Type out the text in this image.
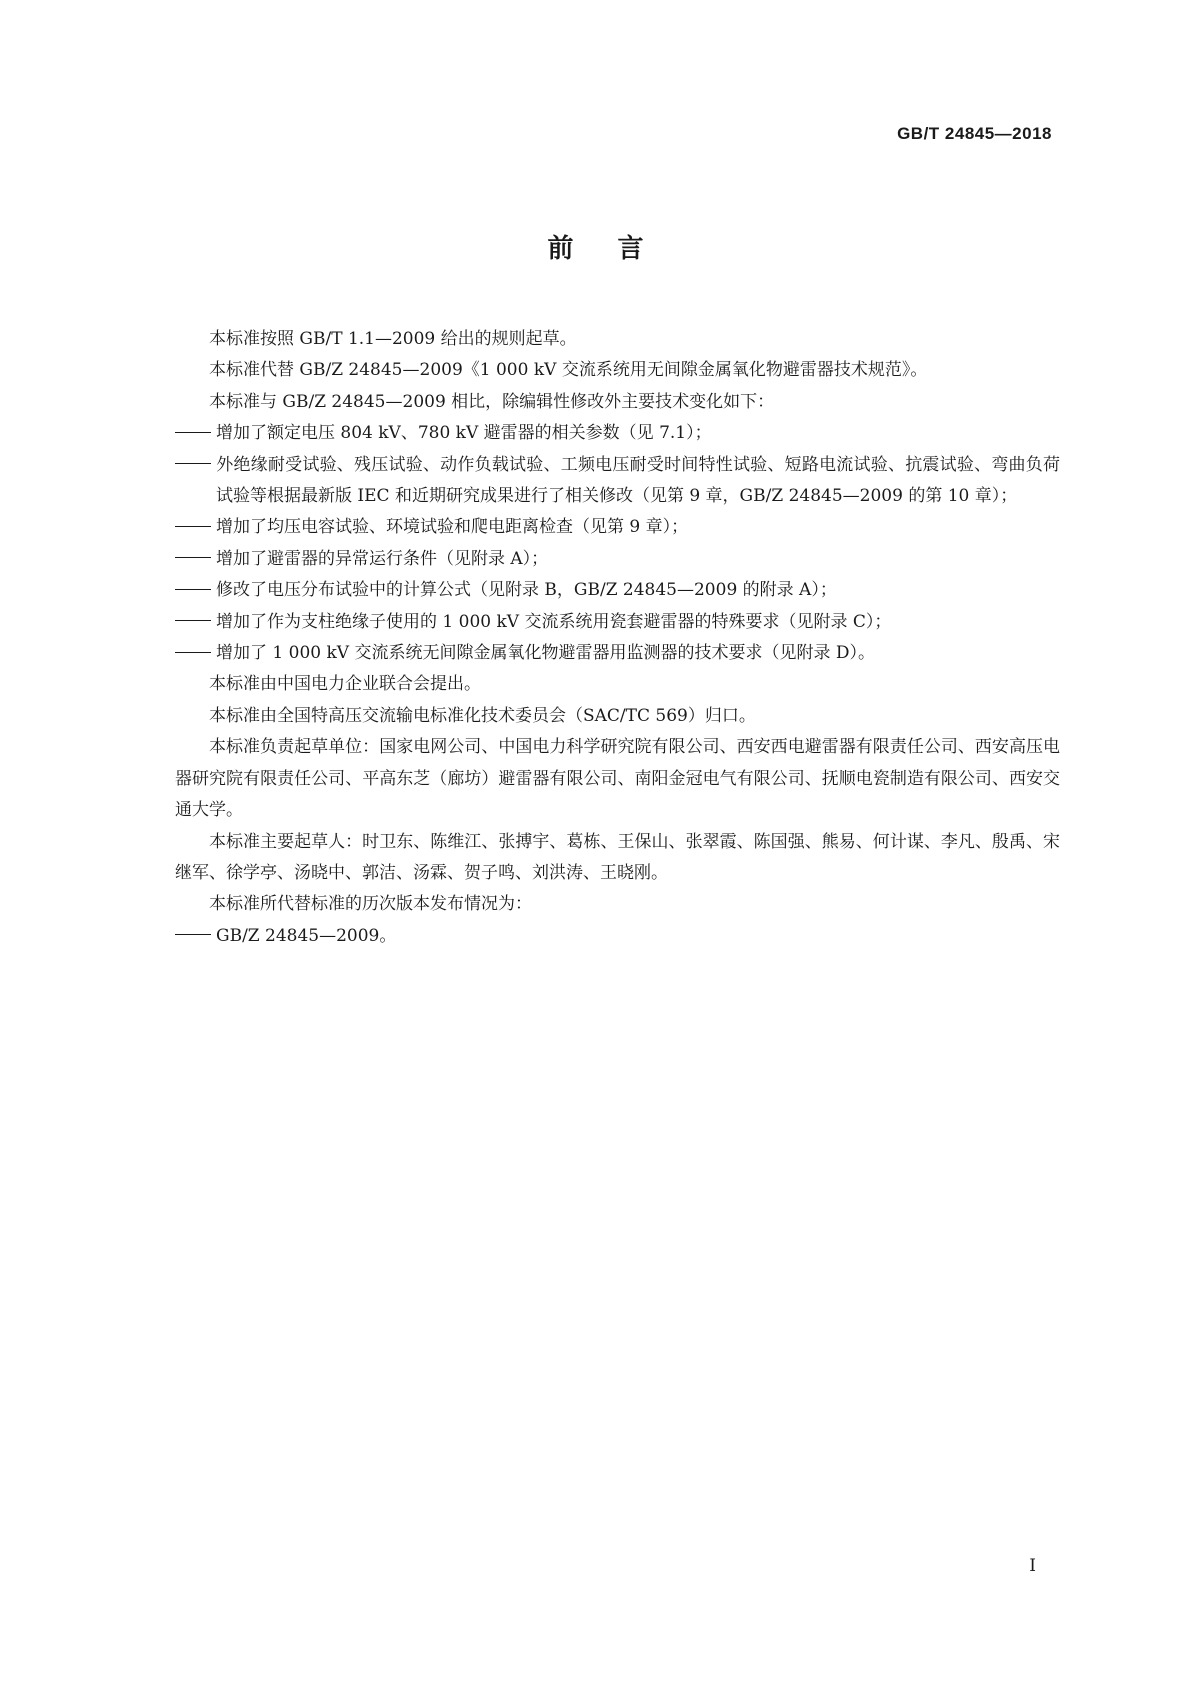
GB/T 24845—2018
前言

本标准按照 GB/T 1.1—2009 给出的规则起草。

本标准代替 GB/Z 24845—2009《1 000 kV 交流系统用无间隙金属氧化物避雷器技术规范》。

本标准与 GB/Z 24845—2009 相比，除编辑性修改外主要技术变化如下：

增加了额定电压 804 kV、780 kV 避雷器的相关参数（见 7.1）；

外绝缘耐受试验、残压试验、动作负载试验、工频电压耐受时间特性试验、短路电流试验、抗震试验、弯曲负荷试验等根据最新版 IEC 和近期研究成果进行了相关修改（见第 9 章，GB/Z 24845—2009 的第 10 章）；

增加了均压电容试验、环境试验和爬电距离检查（见第 9 章）；

增加了避雷器的异常运行条件（见附录 A）；

修改了电压分布试验中的计算公式（见附录 B，GB/Z 24845—2009 的附录 A）；

增加了作为支柱绝缘子使用的 1 000 kV 交流系统用瓷套避雷器的特殊要求（见附录 C）；

增加了 1 000 kV 交流系统无间隙金属氧化物避雷器用监测器的技术要求（见附录 D）。

本标准由中国电力企业联合会提出。

本标准由全国特高压交流输电标准化技术委员会（SAC/TC 569）归口。

本标准负责起草单位：国家电网公司、中国电力科学研究院有限公司、西安西电避雷器有限责任公司、西安高压电器研究院有限责任公司、平高东芝（廊坊）避雷器有限公司、南阳金冠电气有限公司、抚顺电瓷制造有限公司、西安交通大学。

本标准主要起草人：时卫东、陈维江、张搏宇、葛栋、王保山、张翠霞、陈国强、熊易、何计谋、李凡、殷禹、宋继军、徐学亭、汤晓中、郭洁、汤霖、贺子鸣、刘洪涛、王晓刚。

本标准所代替标准的历次版本发布情况为：

GB/Z 24845—2009。

I
